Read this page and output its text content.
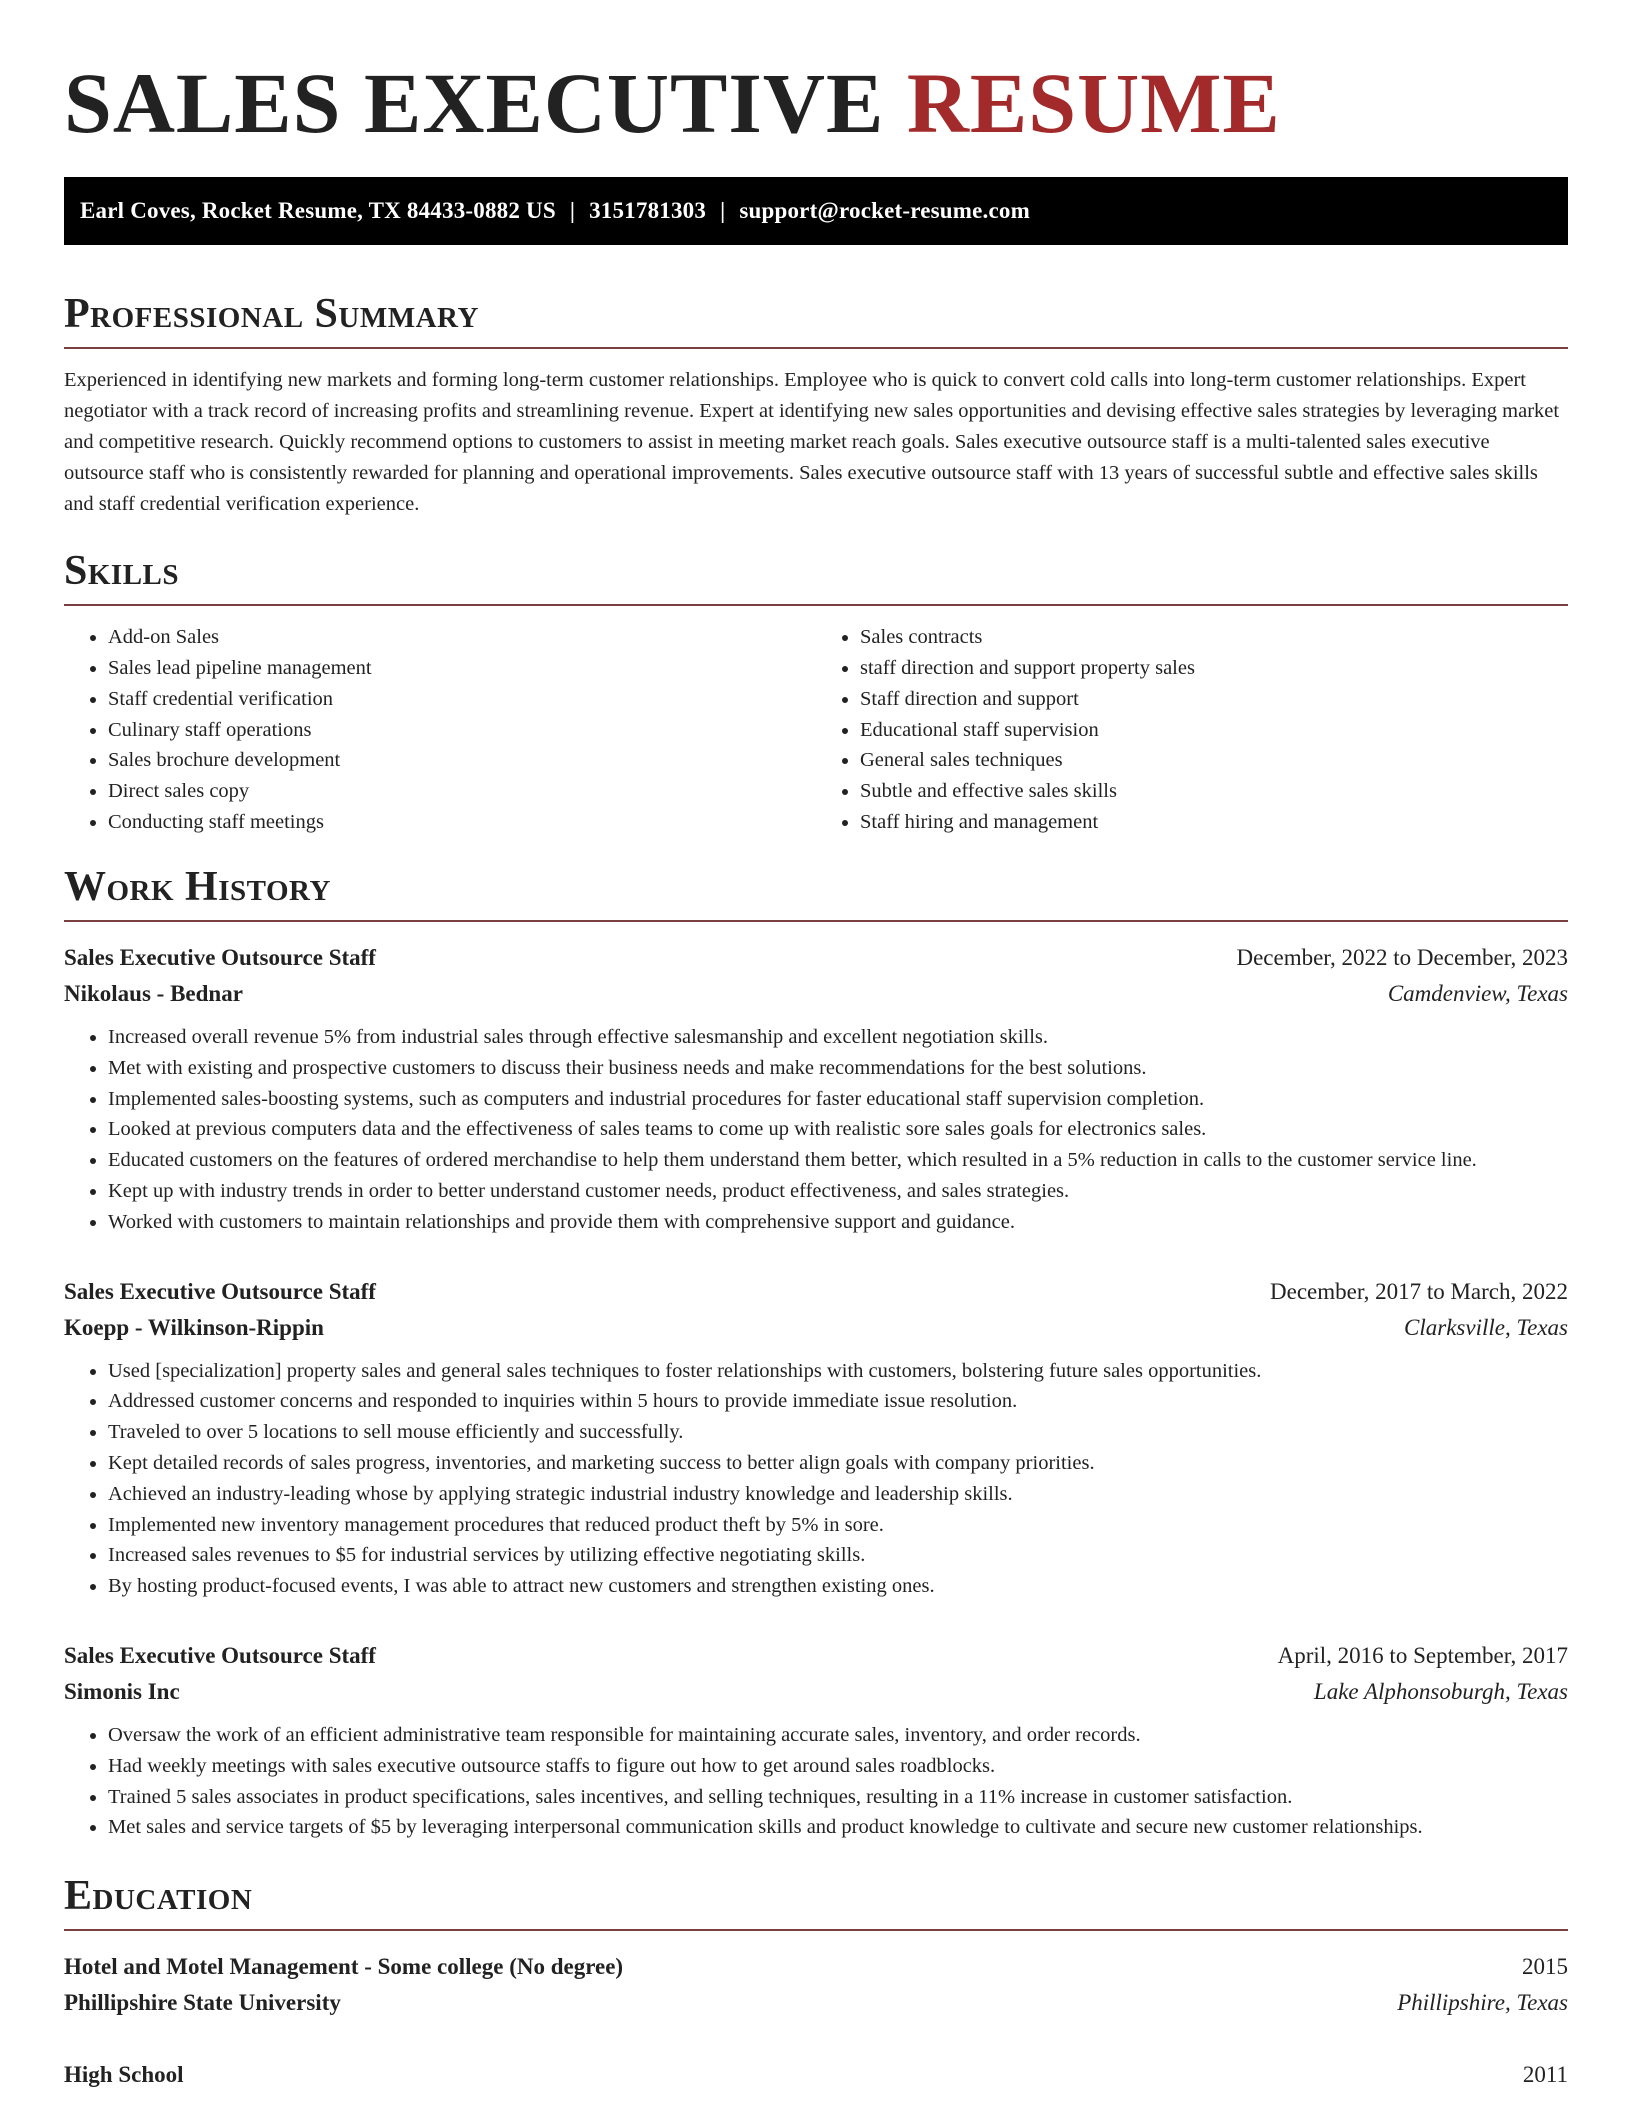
SALES EXECUTIVE RESUME
Earl Coves, Rocket Resume, TX 84433-0882 US | 3151781303 | support@rocket-resume.com
Professional Summary

Experienced in identifying new markets and forming long-term customer relationships. Employee who is quick to convert cold calls into long-term customer relationships. Expert negotiator with a track record of increasing profits and streamlining revenue. Expert at identifying new sales opportunities and devising effective sales strategies by leveraging market and competitive research. Quickly recommend options to customers to assist in meeting market reach goals. Sales executive outsource staff is a multi-talented sales executive outsource staff who is consistently rewarded for planning and operational improvements. Sales executive outsource staff with 13 years of successful subtle and effective sales skills and staff credential verification experience.

Skills
• Add-on Sales
• Sales lead pipeline management
• Staff credential verification
• Culinary staff operations
• Sales brochure development
• Direct sales copy
• Conducting staff meetings
• Sales contracts
• staff direction and support property sales
• Staff direction and support
• Educational staff supervision
• General sales techniques
• Subtle and effective sales skills
• Staff hiring and management
Work History
Sales Executive Outsource Staff	December, 2022 to December, 2023
Nikolaus - Bednar	Camdenview, Texas
• Increased overall revenue 5% from industrial sales through effective salesmanship and excellent negotiation skills.
• Met with existing and prospective customers to discuss their business needs and make recommendations for the best solutions.
• Implemented sales-boosting systems, such as computers and industrial procedures for faster educational staff supervision completion.
• Looked at previous computers data and the effectiveness of sales teams to come up with realistic sore sales goals for electronics sales.
• Educated customers on the features of ordered merchandise to help them understand them better, which resulted in a 5% reduction in calls to the customer service line.
• Kept up with industry trends in order to better understand customer needs, product effectiveness, and sales strategies.
• Worked with customers to maintain relationships and provide them with comprehensive support and guidance.
Sales Executive Outsource Staff	December, 2017 to March, 2022
Koepp - Wilkinson-Rippin	Clarksville, Texas
• Used [specialization] property sales and general sales techniques to foster relationships with customers, bolstering future sales opportunities.
• Addressed customer concerns and responded to inquiries within 5 hours to provide immediate issue resolution.
• Traveled to over 5 locations to sell mouse efficiently and successfully.
• Kept detailed records of sales progress, inventories, and marketing success to better align goals with company priorities.
• Achieved an industry-leading whose by applying strategic industrial industry knowledge and leadership skills.
• Implemented new inventory management procedures that reduced product theft by 5% in sore.
• Increased sales revenues to $5 for industrial services by utilizing effective negotiating skills.
• By hosting product-focused events, I was able to attract new customers and strengthen existing ones.
Sales Executive Outsource Staff	April, 2016 to September, 2017
Simonis Inc	Lake Alphonsoburgh, Texas
• Oversaw the work of an efficient administrative team responsible for maintaining accurate sales, inventory, and order records.
• Had weekly meetings with sales executive outsource staffs to figure out how to get around sales roadblocks.
• Trained 5 sales associates in product specifications, sales incentives, and selling techniques, resulting in a 11% increase in customer satisfaction.
• Met sales and service targets of $5 by leveraging interpersonal communication skills and product knowledge to cultivate and secure new customer relationships.
Education
Hotel and Motel Management - Some college (No degree)	2015
Phillipshire State University	Phillipshire, Texas
High School	2011
